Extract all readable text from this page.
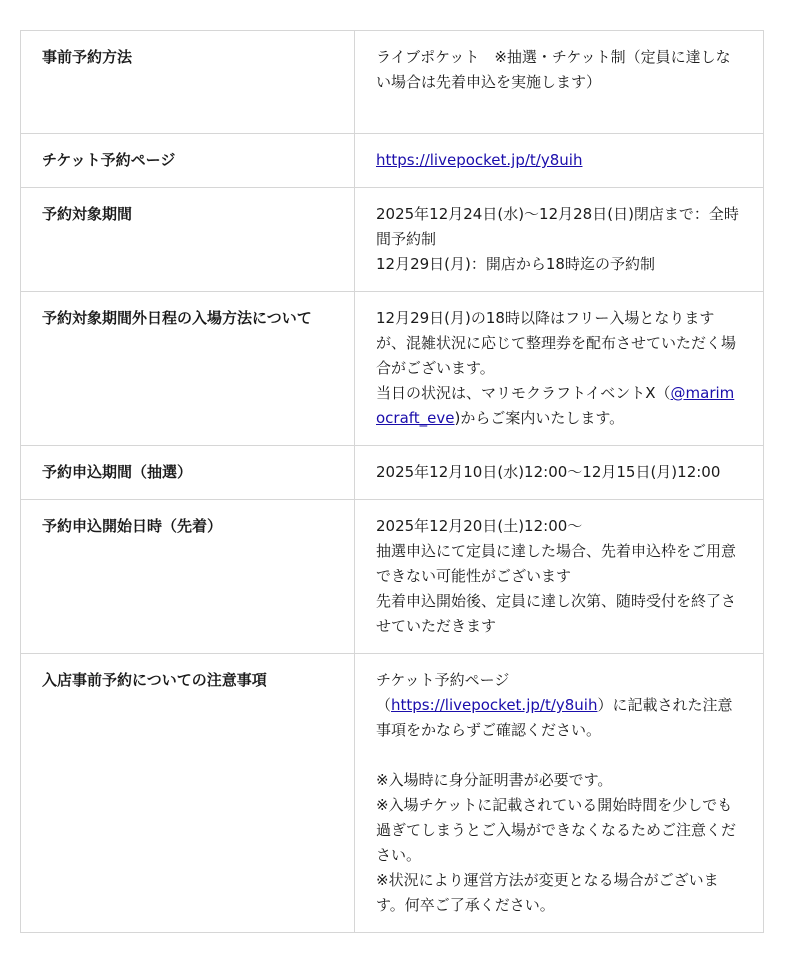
事前予約方法	ライブポケット　※抽選・チケット制（定員に達しない場合は先着申込を実施します）

チケット予約ページ	https://livepocket.jp/t/y8uih
予約対象期間	2025年12月24日(水)～12月28日(日)閉店まで：全時間予約制
12月29日(月)：開店から18時迄の予約制

予約対象期間外日程の入場方法について	12月29日(月)の18時以降はフリー入場となりますが、混雑状況に応じて整理券を配布させていただく場合がございます。
当日の状況は、マリモクラフトイベントX（@marimocraft_eve)からご案内いたします。

予約申込期間（抽選）	2025年12月10日(水)12:00～12月15日(月)12:00

予約申込開始日時（先着）	2025年12月20日(土)12:00～
抽選申込にて定員に達した場合、先着申込枠をご用意できない可能性がございます
先着申込開始後、定員に達し次第、随時受付を終了させていただきます

入店事前予約についての注意事項	チケット予約ページ
（https://livepocket.jp/t/y8uih）に記載された注意事項をかならずご確認ください。
※入場時に身分証明書が必要です。
※入場チケットに記載されている開始時間を少しでも過ぎてしまうとご入場ができなくなるためご注意ください。
※状況により運営方法が変更となる場合がございます。何卒ご了承ください。
